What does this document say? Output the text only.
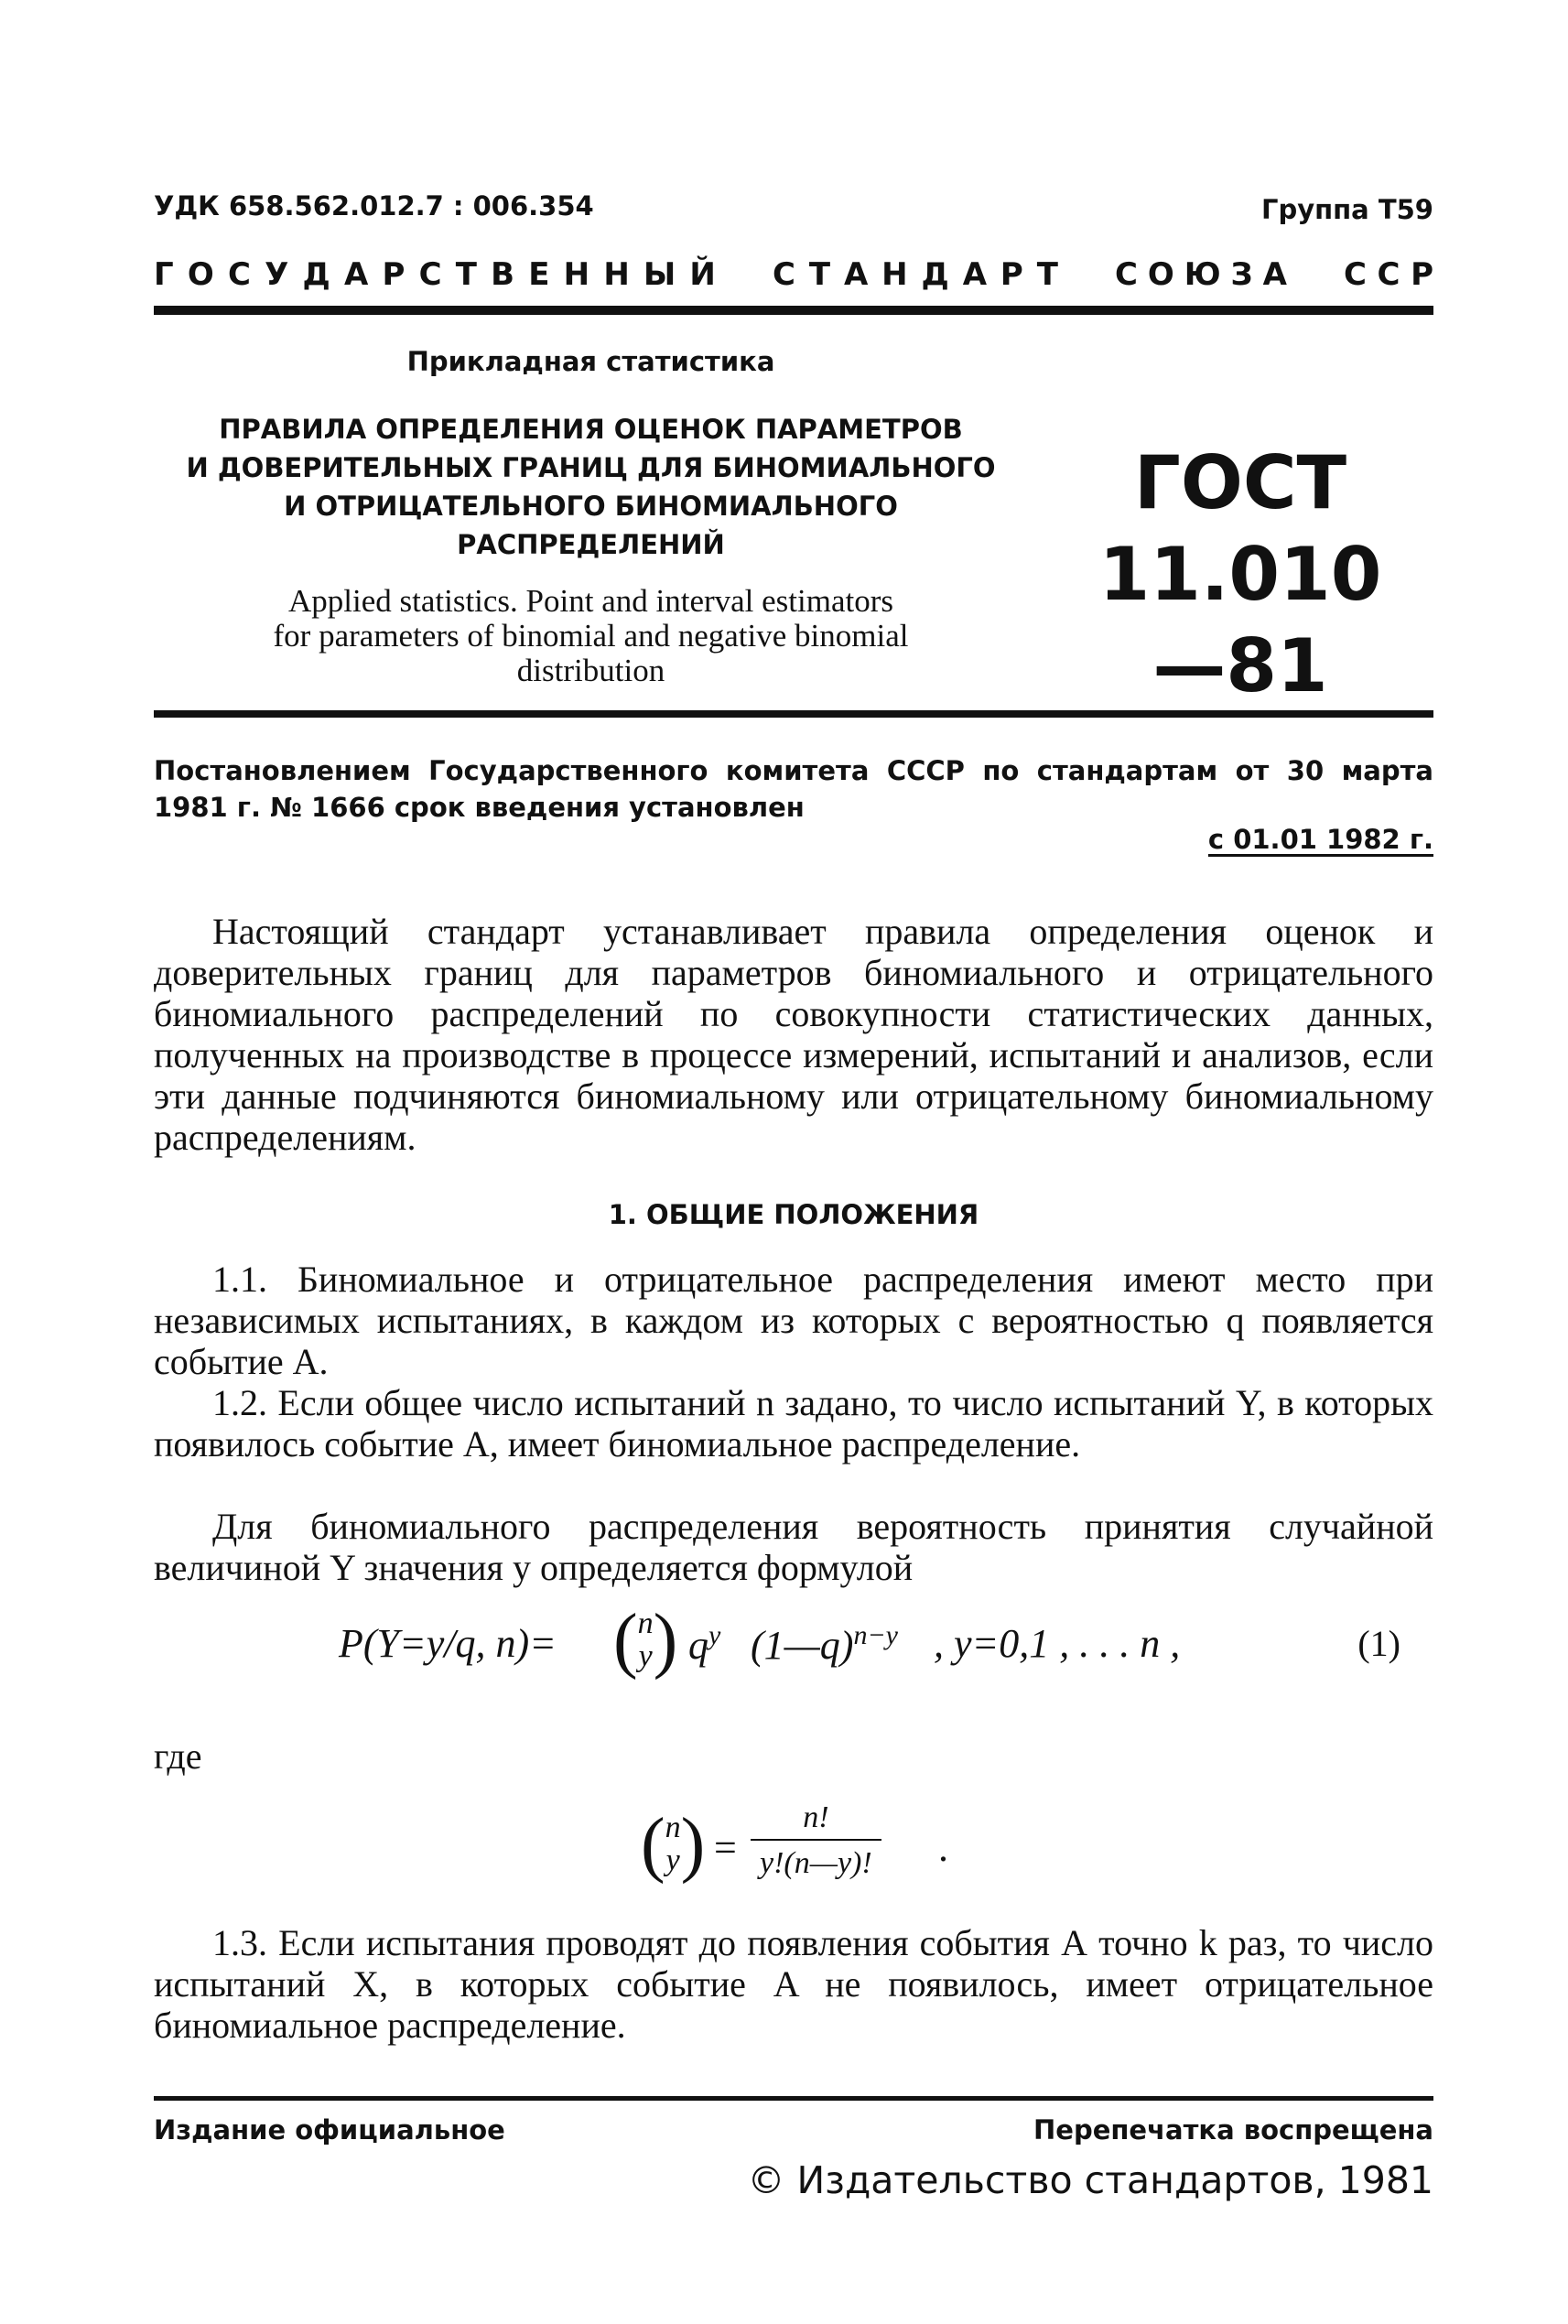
УДК 658.562.012.7 : 006.354	Группа Т59
Г О С У Д А Р С Т В Е Н Н Ы Й С Т А Н Д А Р Т С О Ю З А С С Р
Прикладная статистика
ПРАВИЛА ОПРЕДЕЛЕНИЯ ОЦЕНОК ПАРАМЕТРОВ
И ДОВЕРИТЕЛЬНЫХ ГРАНИЦ ДЛЯ БИНОМИАЛЬНОГО
И ОТРИЦАТЕЛЬНОГО БИНОМИАЛЬНОГО
РАСПРЕДЕЛЕНИЙ
Applied statistics. Point and interval estimators
for parameters of binomial and negative binomial
distribution
ГОСТ
11.010—81
Постановлением Государственного комитета СССР по стандартам от 30 марта 1981 г. № 1666 срок введения установлен
с 01.01 1982 г.
Настоящий стандарт устанавливает правила определения оценок и доверительных границ для параметров биномиального и отрицательного биномиального распределений по совокупности статистических данных, полученных на производстве в процессе измерений, испытаний и анализов, если эти данные подчиняются биномиальному или отрицательному биномиальному распределениям.
1. ОБЩИЕ ПОЛОЖЕНИЯ
1.1. Биномиальное и отрицательное распределения имеют место при независимых испытаниях, в каждом из которых с вероятностью q появляется событие A.
1.2. Если общее число испытаний n задано, то число испытаний Y, в которых появилось событие A, имеет биномиальное распределение.
Для биномиального распределения вероятность принятия случайной величиной Y значения y определяется формулой
P(Y=y/q, n)= ( n
y ) $q^y$ (1—q)$^{n-y}$ , y=0,1 , . . . n ,	(1)
где
( n
y ) = $\frac{n!}{y!(n—y)!}$ .
1.3. Если испытания проводят до появления события А точно k раз, то число испытаний X, в которых событие A не появилось, имеет отрицательное биномиальное распределение.
Издание официальное	Перепечатка воспрещена
© Издательство стандартов, 1981
